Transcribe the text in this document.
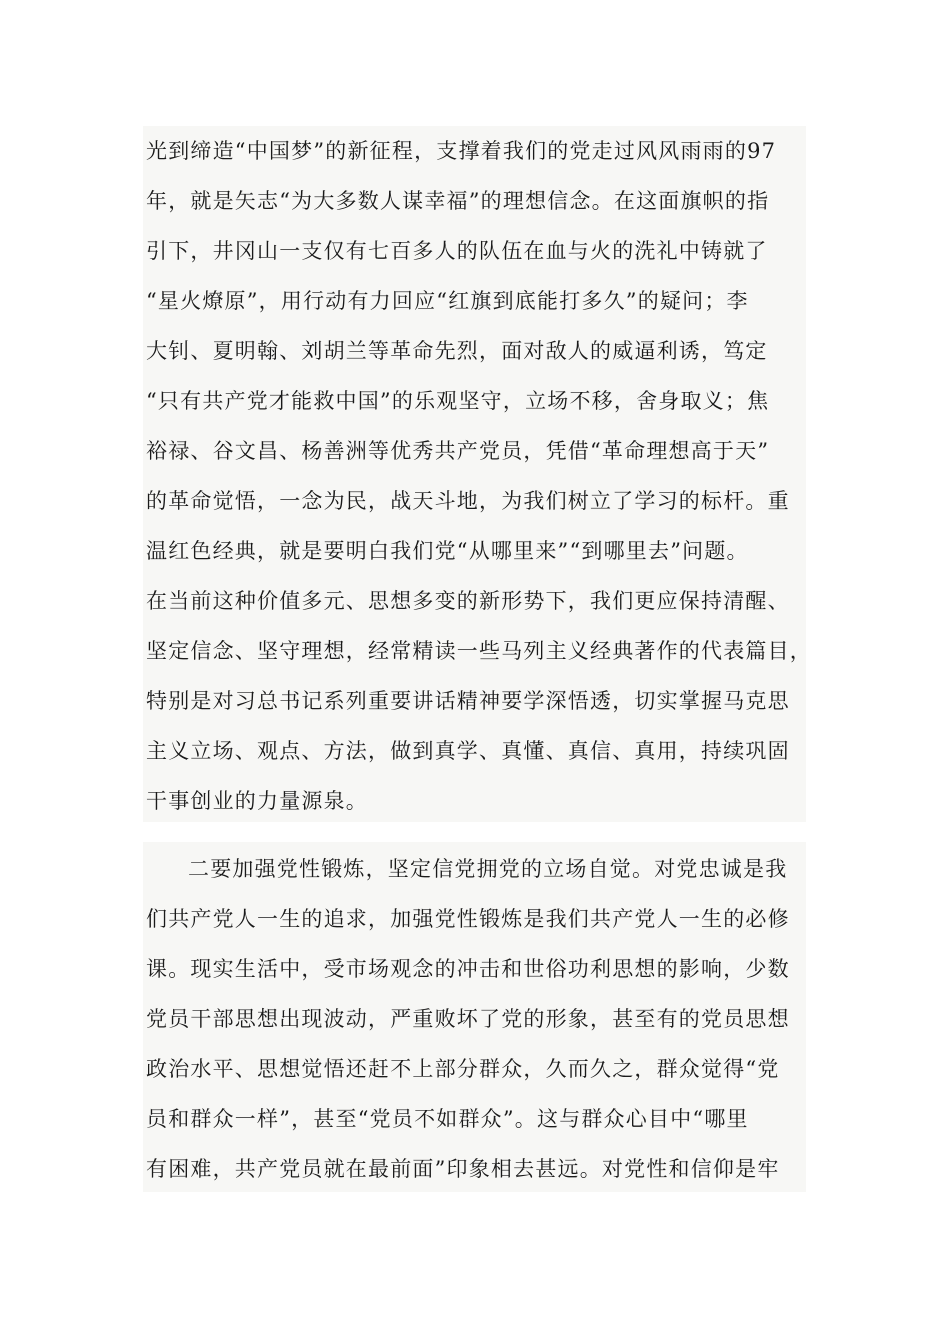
光到缔造“中国梦”的新征程，支撑着我们的党走过风风雨雨的97
年，就是矢志“为大多数人谋幸福”的理想信念。在这面旗帜的指
引下，井冈山一支仅有七百多人的队伍在血与火的洗礼中铸就了
“星火燎原”，用行动有力回应“红旗到底能打多久”的疑问；李
大钊、夏明翰、刘胡兰等革命先烈，面对敌人的威逼利诱，笃定
“只有共产党才能救中国”的乐观坚守，立场不移，舍身取义；焦
裕禄、谷文昌、杨善洲等优秀共产党员，凭借“革命理想高于天”
的革命觉悟，一念为民，战天斗地，为我们树立了学习的标杆。重
温红色经典，就是要明白我们党“从哪里来”“到哪里去”问题。
在当前这种价值多元、思想多变的新形势下，我们更应保持清醒、
坚定信念、坚守理想，经常精读一些马列主义经典著作的代表篇目，
特别是对习总书记系列重要讲话精神要学深悟透，切实掌握马克思
主义立场、观点、方法，做到真学、真懂、真信、真用，持续巩固
干事创业的力量源泉。
二要加强党性锻炼，坚定信党拥党的立场自觉。对党忠诚是我
们共产党人一生的追求，加强党性锻炼是我们共产党人一生的必修
课。现实生活中，受市场观念的冲击和世俗功利思想的影响，少数
党员干部思想出现波动，严重败坏了党的形象，甚至有的党员思想
政治水平、思想觉悟还赶不上部分群众，久而久之，群众觉得“党
员和群众一样”，甚至“党员不如群众”。这与群众心目中“哪里
有困难，共产党员就在最前面”印象相去甚远。对党性和信仰是牢
